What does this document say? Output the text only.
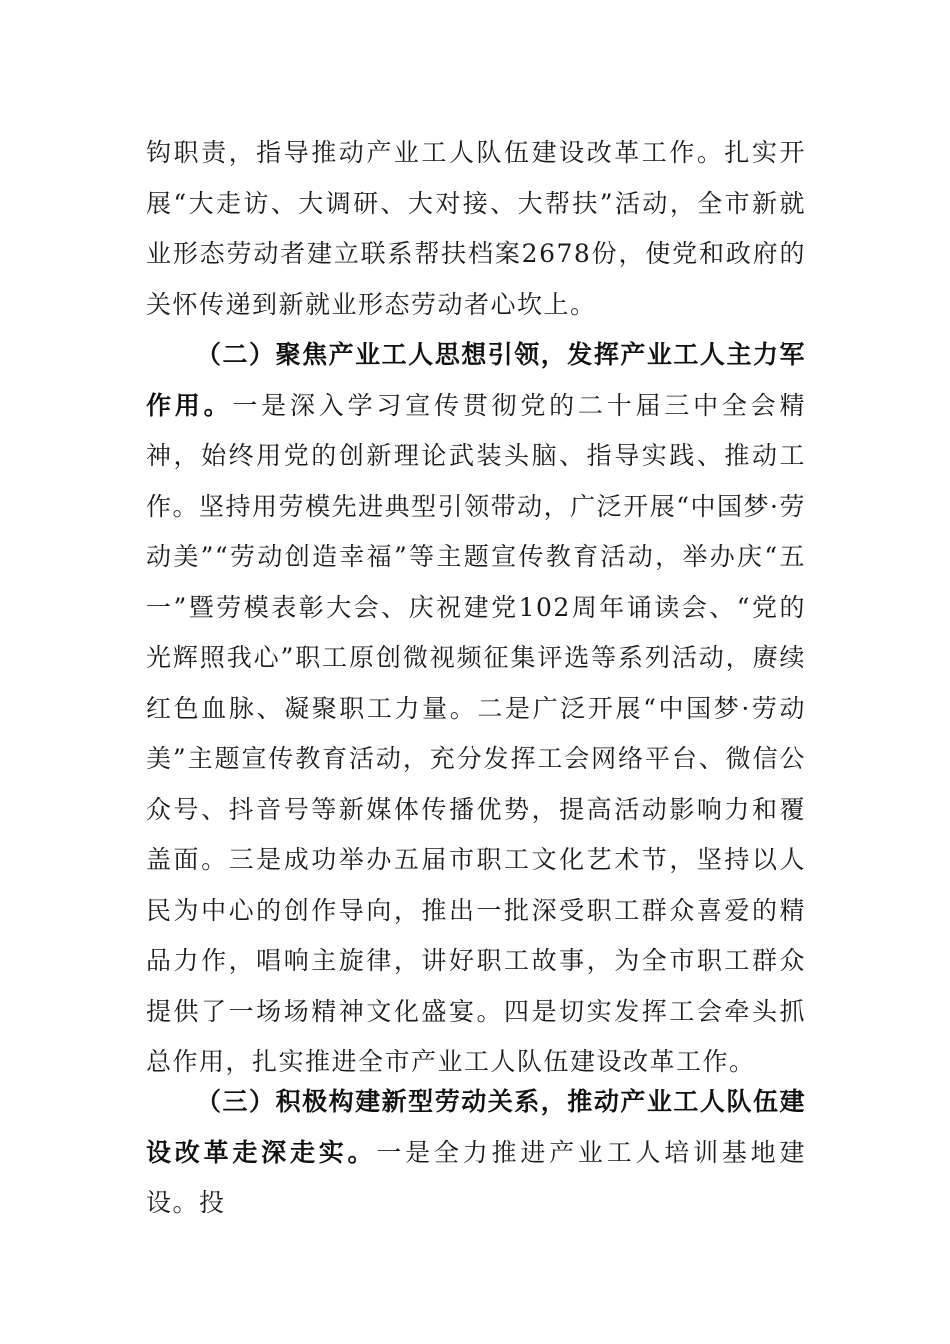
钩职责，指导推动产业工人队伍建设改革工作。扎实开展“大走访、大调研、大对接、大帮扶”活动，全市新就业形态劳动者建立联系帮扶档案2678份，使党和政府的关怀传递到新就业形态劳动者心坎上。

（二）聚焦产业工人思想引领，发挥产业工人主力军作用。一是深入学习宣传贯彻党的二十届三中全会精神，始终用党的创新理论武装头脑、指导实践、推动工作。坚持用劳模先进典型引领带动，广泛开展“中国梦·劳动美”“劳动创造幸福”等主题宣传教育活动，举办庆“五一”暨劳模表彰大会、庆祝建党102周年诵读会、“党的光辉照我心”职工原创微视频征集评选等系列活动，赓续红色血脉、凝聚职工力量。二是广泛开展“中国梦·劳动美”主题宣传教育活动，充分发挥工会网络平台、微信公众号、抖音号等新媒体传播优势，提高活动影响力和覆盖面。三是成功举办五届市职工文化艺术节，坚持以人民为中心的创作导向，推出一批深受职工群众喜爱的精品力作，唱响主旋律，讲好职工故事，为全市职工群众提供了一场场精神文化盛宴。四是切实发挥工会牵头抓总作用，扎实推进全市产业工人队伍建设改革工作。

（三）积极构建新型劳动关系，推动产业工人队伍建设改革走深走实。一是全力推进产业工人培训基地建设。投
